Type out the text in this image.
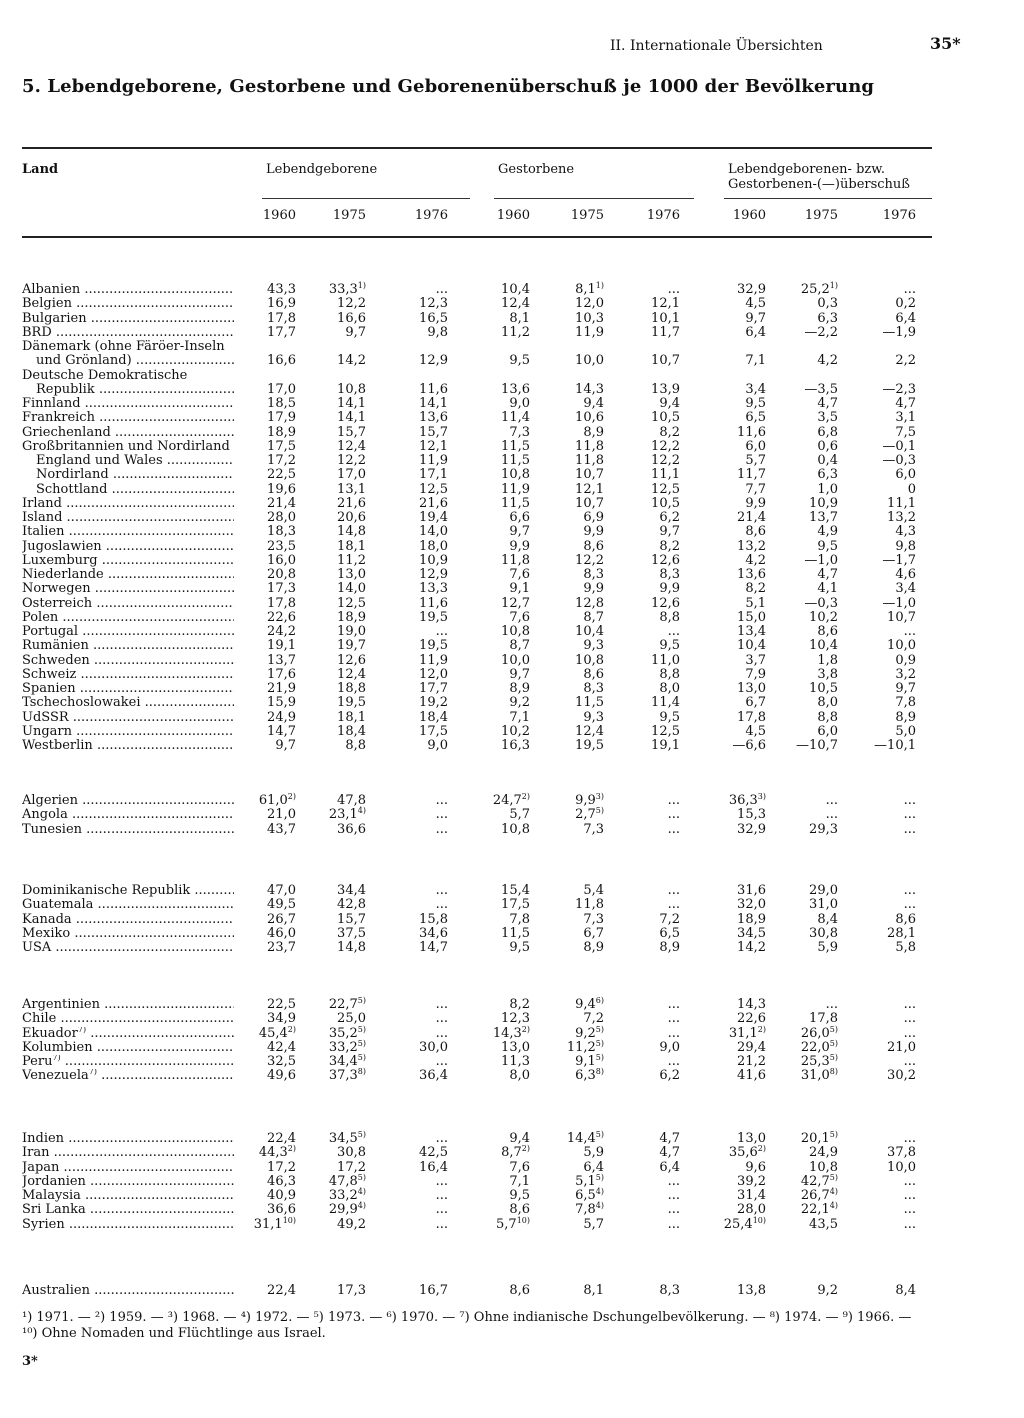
II. Internationale Übersichten	35*
5. Lebendgeborene, Gestorbene und Geborenenüberschuß je 1000 der Bevölkerung
Land	Lebendgeborene	Gestorbene	Lebendgeborenen- bzw.
Gestorbenen-(—)überschuß
1960	1975	1976	1960	1975	1976	1960	1975	1976
Albanien .....	43,3	33,3$^{1)}$	...	10,4	8,1$^{1)}$	...	32,9	25,2$^{1)}$	...
Belgien .....	16,9	12,2	12,3	12,4	12,0	12,1	4,5	0,3	0,2
Bulgarien .....	17,8	16,6	16,5	8,1	10,3	10,1	9,7	6,3	6,4
BRD .....	17,7	9,7	9,8	11,2	11,9	11,7	6,4	—2,2	—1,9
Dänemark (ohne Färöer-Inseln
und Grönland) .....	16,6	14,2	12,9	9,5	10,0	10,7	7,1	4,2	2,2
Deutsche Demokratische
Republik .....	17,0	10,8	11,6	13,6	14,3	13,9	3,4	—3,5	—2,3
Finnland .....	18,5	14,1	14,1	9,0	9,4	9,4	9,5	4,7	4,7
Frankreich .....	17,9	14,1	13,6	11,4	10,6	10,5	6,5	3,5	3,1
Griechenland .....	18,9	15,7	15,7	7,3	8,9	8,2	11,6	6,8	7,5
Großbritannien und Nordirland .....	17,5	12,4	12,1	11,5	11,8	12,2	6,0	0,6	—0,1
England und Wales .....	17,2	12,2	11,9	11,5	11,8	12,2	5,7	0,4	—0,3
Nordirland .....	22,5	17,0	17,1	10,8	10,7	11,1	11,7	6,3	6,0
Schottland .....	19,6	13,1	12,5	11,9	12,1	12,5	7,7	1,0	0
Irland .....	21,4	21,6	21,6	11,5	10,7	10,5	9,9	10,9	11,1
Island .....	28,0	20,6	19,4	6,6	6,9	6,2	21,4	13,7	13,2
Italien .....	18,3	14,8	14,0	9,7	9,9	9,7	8,6	4,9	4,3
Jugoslawien .....	23,5	18,1	18,0	9,9	8,6	8,2	13,2	9,5	9,8
Luxemburg .....	16,0	11,2	10,9	11,8	12,2	12,6	4,2	—1,0	—1,7
Niederlande .....	20,8	13,0	12,9	7,6	8,3	8,3	13,6	4,7	4,6
Norwegen .....	17,3	14,0	13,3	9,1	9,9	9,9	8,2	4,1	3,4
Österreich .....	17,8	12,5	11,6	12,7	12,8	12,6	5,1	—0,3	—1,0
Polen .....	22,6	18,9	19,5	7,6	8,7	8,8	15,0	10,2	10,7
Portugal .....	24,2	19,0	...	10,8	10,4	...	13,4	8,6	...
Rumänien .....	19,1	19,7	19,5	8,7	9,3	9,5	10,4	10,4	10,0
Schweden .....	13,7	12,6	11,9	10,0	10,8	11,0	3,7	1,8	0,9
Schweiz .....	17,6	12,4	12,0	9,7	8,6	8,8	7,9	3,8	3,2
Spanien .....	21,9	18,8	17,7	8,9	8,3	8,0	13,0	10,5	9,7
Tschechoslowakei .....	15,9	19,5	19,2	9,2	11,5	11,4	6,7	8,0	7,8
UdSSR .....	24,9	18,1	18,4	7,1	9,3	9,5	17,8	8,8	8,9
Ungarn .....	14,7	18,4	17,5	10,2	12,4	12,5	4,5	6,0	5,0
Westberlin .....	9,7	8,8	9,0	16,3	19,5	19,1	—6,6	—10,7	—10,1
Algerien .....	61,0$^{2)}$	47,8	...	24,7$^{2)}$	9,9$^{3)}$	...	36,3$^{3)}$	...	...
Angola .....	21,0	23,1$^{4)}$	...	5,7	2,7$^{5)}$	...	15,3	...	...
Tunesien .....	43,7	36,6	...	10,8	7,3	...	32,9	29,3	...
Dominikanische Republik .....	47,0	34,4	...	15,4	5,4	...	31,6	29,0	...
Guatemala .....	49,5	42,8	...	17,5	11,8	...	32,0	31,0	...
Kanada .....	26,7	15,7	15,8	7,8	7,3	7,2	18,9	8,4	8,6
Mexiko .....	46,0	37,5	34,6	11,5	6,7	6,5	34,5	30,8	28,1
USA .....	23,7	14,8	14,7	9,5	8,9	8,9	14,2	5,9	5,8
Argentinien .....	22,5	22,7$^{5)}$	...	8,2	9,4$^{6)}$	...	14,3	...	...
Chile .....	34,9	25,0	...	12,3	7,2	...	22,6	17,8	...
Ekuador$^{7)}$ .....	45,4$^{2)}$	35,2$^{5)}$	...	14,3$^{2)}$	9,2$^{5)}$	...	31,1$^{2)}$	26,0$^{5)}$	...
Kolumbien .....	42,4	33,2$^{5)}$	30,0	13,0	11,2$^{5)}$	9,0	29,4	22,0$^{5)}$	21,0
Peru$^{7)}$ .....	32,5	34,4$^{5)}$	...	11,3	9,1$^{5)}$	...	21,2	25,3$^{5)}$	...
Venezuela$^{7)}$ .....	49,6	37,3$^{8)}$	36,4	8,0	6,3$^{8)}$	6,2	41,6	31,0$^{8)}$	30,2
Indien .....	22,4	34,5$^{5)}$	...	9,4	14,4$^{5)}$	4,7	13,0	20,1$^{5)}$	...
Iran .....	44,3$^{2)}$	30,8	42,5	8,7$^{2)}$	5,9	4,7	35,6$^{2)}$	24,9	37,8
Japan .....	17,2	17,2	16,4	7,6	6,4	6,4	9,6	10,8	10,0
Jordanien .....	46,3	47,8$^{5)}$	...	7,1	5,1$^{5)}$	...	39,2	42,7$^{5)}$	...
Malaysia .....	40,9	33,2$^{4)}$	...	9,5	6,5$^{4)}$	...	31,4	26,7$^{4)}$	...
Sri Lanka .....	36,6	29,9$^{4)}$	...	8,6	7,8$^{4)}$	...	28,0	22,1$^{4)}$	...
Syrien .....	31,1$^{10)}$	49,2	...	5,7$^{10)}$	5,7	...	25,4$^{10)}$	43,5	...
Australien .....	22,4	17,3	16,7	8,6	8,1	8,3	13,8	9,2	8,4
¹) 1971. — ²) 1959. — ³) 1968. — ⁴) 1972. — ⁵) 1973. — ⁶) 1970. — ⁷) Ohne indianische Dschungelbevölkerung. — ⁸) 1974. — ⁹) 1966. —
¹⁰) Ohne Nomaden und Flüchtlinge aus Israel.
3*
